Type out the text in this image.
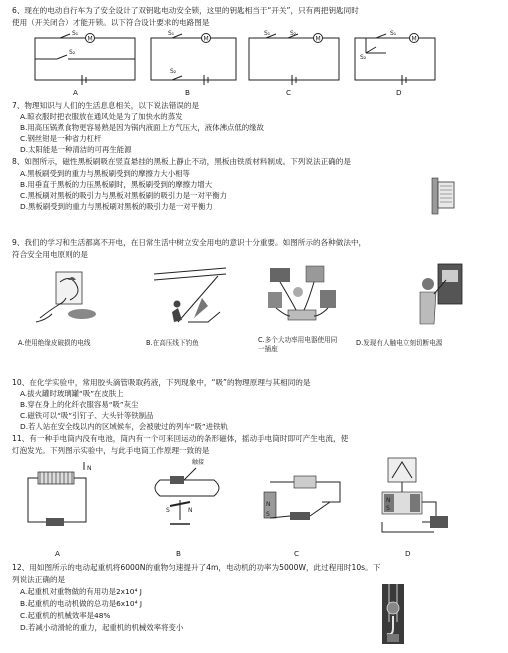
6、现在的电动自行车为了安全设计了双钥匙电动安全锁，这里的钥匙相当于“开关”，只有两把钥匙同时
使用（开关闭合）才能开锁。以下符合设计要求的电路图是
S₁
M
S₂
S₁
M
S₂
S₁	S₂
M
S₁
M
S₂
A	B	C	D
7、物理知识与人们的生活息息相关，以下说法错误的是
A.晾衣服时把衣服放在通风处是为了加快水的蒸发
B.用高压锅煮食物更容易熟是因为锅内液面上方气压大，液体沸点低的缘故
C.钢丝钳是一种省力杠杆
D.太阳能是一种清洁的可再生能源
8、如图所示，磁性黑板刷吸在竖直悬挂的黑板上静止不动，黑板由铁质材料制成。下列说法正确的是
A.黑板刷受到的重力与黑板刷受到的摩擦力大小相等
B.用垂直于黑板的力压黑板刷时，黑板刷受到的摩擦力增大
C.黑板刷对黑板的吸引力与黑板对黑板刷的吸引力是一对平衡力
D.黑板刷受到的重力与黑板刷对黑板的吸引力是一对平衡力
9、我们的学习和生活都离不开电，在日常生活中树立安全用电的意识十分重要。如图所示的各种做法中，
符合安全用电原则的是
A.使用绝缘皮破损的电线	B.在高压线下钓鱼	C.多个大功率用电器使用同一插座
D.发现有人触电立刻切断电源
10、在化学实验中，常用胶头滴管吸取药液，下列现象中，“吸”的物理原理与其相同的是
A.拔火罐时玻璃罐“吸”在皮肤上
B.穿在身上的化纤衣服容易“吸”灰尘
C.磁铁可以“吸”引钉子、大头针等铁制品
D.若人站在安全线以内的区域候车，会被驶过的列车“吸”进铁轨
11、有一种手电筒内没有电池，筒内有一个可来回运动的条形磁体，摇动手电筒时即可产生电流，使
灯泡发光。下列图示实验中，与此手电筒工作原理一致的是
N
A
触接
S	N
B
N
S
C
N
S
D
12、用如图所示的电动起重机将6000N的重物匀速提升了4m，电动机的功率为5000W，此过程用时10s。下
列说法正确的是
A.起重机对重物做的有用功是2x10⁴ J
B.起重机的电动机做的总功是6x10⁴ J
C.起重机的机械效率是48%
D.若减小动滑轮的重力，起重机的机械效率将变小
